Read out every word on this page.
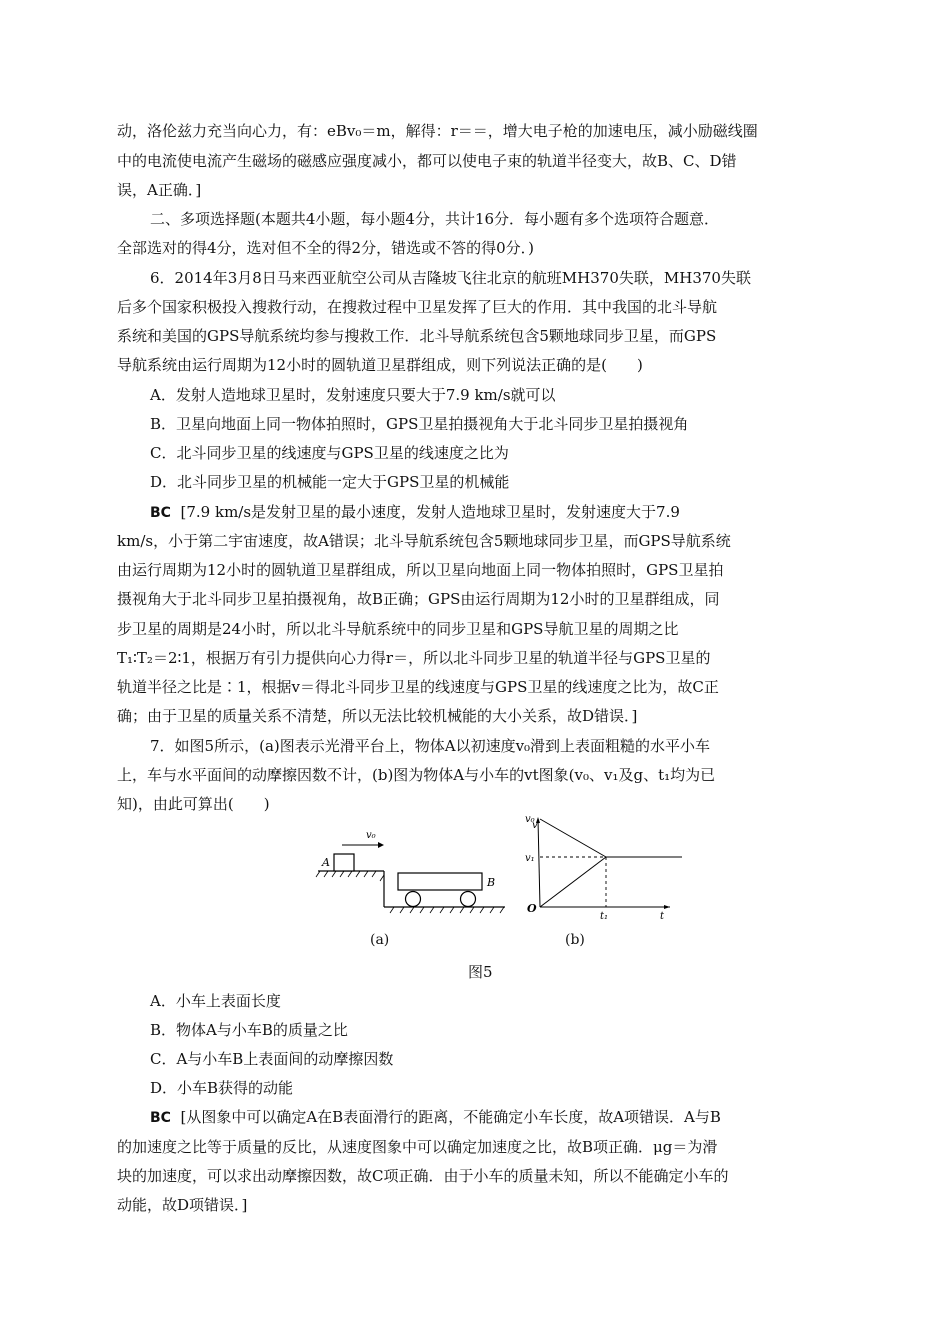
动，洛伦兹力充当向心力，有：eBv₀＝m，解得：r＝＝，增大电子枪的加速电压，减小励磁线圈
中的电流使电流产生磁场的磁感应强度减小，都可以使电子束的轨道半径变大，故B、C、D错
误，A正确．]
二、多项选择题(本题共4小题，每小题4分，共计16分．每小题有多个选项符合题意．
全部选对的得4分，选对但不全的得2分，错选或不答的得0分．)
6．2014年3月8日马来西亚航空公司从吉隆坡飞往北京的航班MH370失联，MH370失联
后多个国家积极投入搜救行动，在搜救过程中卫星发挥了巨大的作用．其中我国的北斗导航
系统和美国的GPS导航系统均参与搜救工作．北斗导航系统包含5颗地球同步卫星，而GPS
导航系统由运行周期为12小时的圆轨道卫星群组成，则下列说法正确的是(　　)
A．发射人造地球卫星时，发射速度只要大于7.9 km/s就可以
B．卫星向地面上同一物体拍照时，GPS卫星拍摄视角大于北斗同步卫星拍摄视角
C．北斗同步卫星的线速度与GPS卫星的线速度之比为
D．北斗同步卫星的机械能一定大于GPS卫星的机械能
BC [7.9 km/s是发射卫星的最小速度，发射人造地球卫星时，发射速度大于7.9
km/s，小于第二宇宙速度，故A错误；北斗导航系统包含5颗地球同步卫星，而GPS导航系统
由运行周期为12小时的圆轨道卫星群组成，所以卫星向地面上同一物体拍照时，GPS卫星拍
摄视角大于北斗同步卫星拍摄视角，故B正确；GPS由运行周期为12小时的卫星群组成，同
步卫星的周期是24小时，所以北斗导航系统中的同步卫星和GPS导航卫星的周期之比
T₁∶T₂＝2∶1，根据万有引力提供向心力得r＝，所以北斗同步卫星的轨道半径与GPS卫星的
轨道半径之比是∶1，根据v＝得北斗同步卫星的线速度与GPS卫星的线速度之比为，故C正
确；由于卫星的质量关系不清楚，所以无法比较机械能的大小关系，故D错误．]
7．如图5所示，(a)图表示光滑平台上，物体A以初速度v₀滑到上表面粗糙的水平小车
上，车与水平面间的动摩擦因数不计，(b)图为物体A与小车的vt图象(v₀、v₁及g、t₁均为已
知)，由此可算出(　　)
A
v₀
B
v
t
O
v₀
v₁
t₁
(a)	(b)
图5
A．小车上表面长度
B．物体A与小车B的质量之比
C．A与小车B上表面间的动摩擦因数
D．小车B获得的动能
BC [从图象中可以确定A在B表面滑行的距离，不能确定小车长度，故A项错误．A与B
的加速度之比等于质量的反比，从速度图象中可以确定加速度之比，故B项正确．μg＝为滑
块的加速度，可以求出动摩擦因数，故C项正确．由于小车的质量未知，所以不能确定小车的
动能，故D项错误．]
